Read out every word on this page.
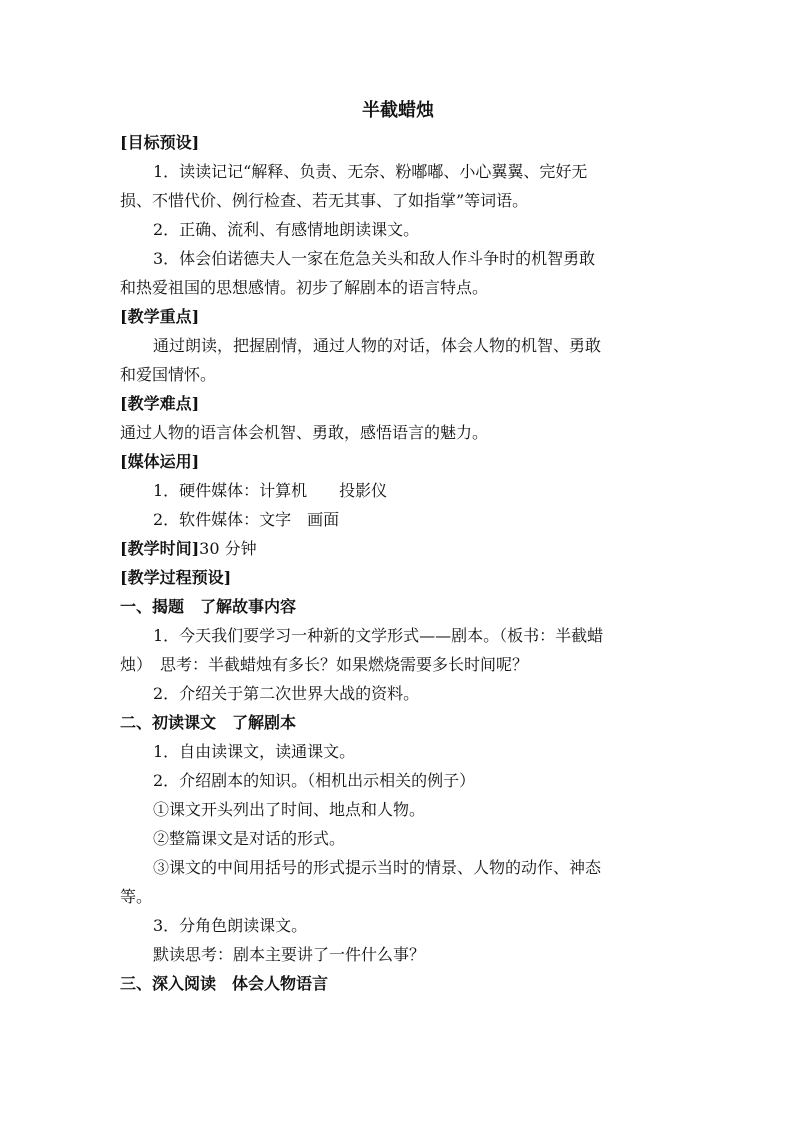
半截蜡烛
[目标预设]
1．读读记记“解释、负责、无奈、粉嘟嘟、小心翼翼、完好无
损、不惜代价、例行检查、若无其事、了如指掌”等词语。
2．正确、流利、有感情地朗读课文。
3．体会伯诺德夫人一家在危急关头和敌人作斗争时的机智勇敢
和热爱祖国的思想感情。初步了解剧本的语言特点。
[教学重点]
通过朗读，把握剧情，通过人物的对话，体会人物的机智、勇敢
和爱国情怀。
[教学难点]
通过人物的语言体会机智、勇敢，感悟语言的魅力。
[媒体运用]
1．硬件媒体：计算机　　投影仪
2．软件媒体：文字　画面
[教学时间]30 分钟
[教学过程预设]
一、揭题　了解故事内容
1．今天我们要学习一种新的文学形式——剧本。（板书：半截蜡
烛）　思考：半截蜡烛有多长？如果燃烧需要多长时间呢？
2．介绍关于第二次世界大战的资料。
二、初读课文　了解剧本
1．自由读课文，读通课文。
2．介绍剧本的知识。（相机出示相关的例子）
①课文开头列出了时间、地点和人物。
②整篇课文是对话的形式。
③课文的中间用括号的形式提示当时的情景、人物的动作、神态
等。
3．分角色朗读课文。
默读思考：剧本主要讲了一件什么事？
三、深入阅读　体会人物语言
